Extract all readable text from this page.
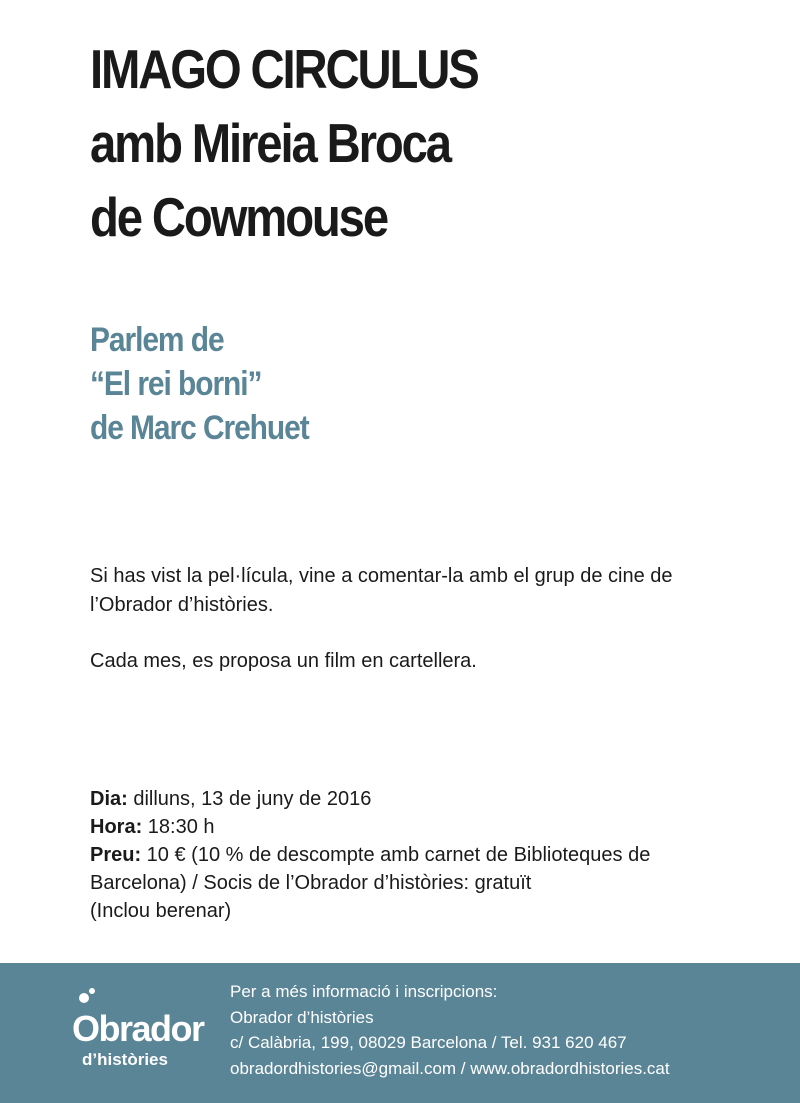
IMAGO CIRCULUS
amb Mireia Broca
de Cowmouse
Parlem de
“El rei borni”
de Marc Crehuet

Si has vist la pel·lícula, vine a comentar-la amb el grup de cine de l’Obrador d’històries.

Cada mes, es proposa un film en cartellera.

Dia: dilluns, 13 de juny de 2016
Hora: 18:30 h
Preu: 10 € (10 % de descompte amb carnet de Biblioteques de Barcelona) / Socis de l’Obrador d’històries: gratuït
(Inclou berenar)
Obrador
d’històries
Per a més informació i inscripcions:
Obrador d’històries
c/ Calàbria, 199, 08029 Barcelona / Tel. 931 620 467
obradordhistories@gmail.com / www.obradordhistories.cat
